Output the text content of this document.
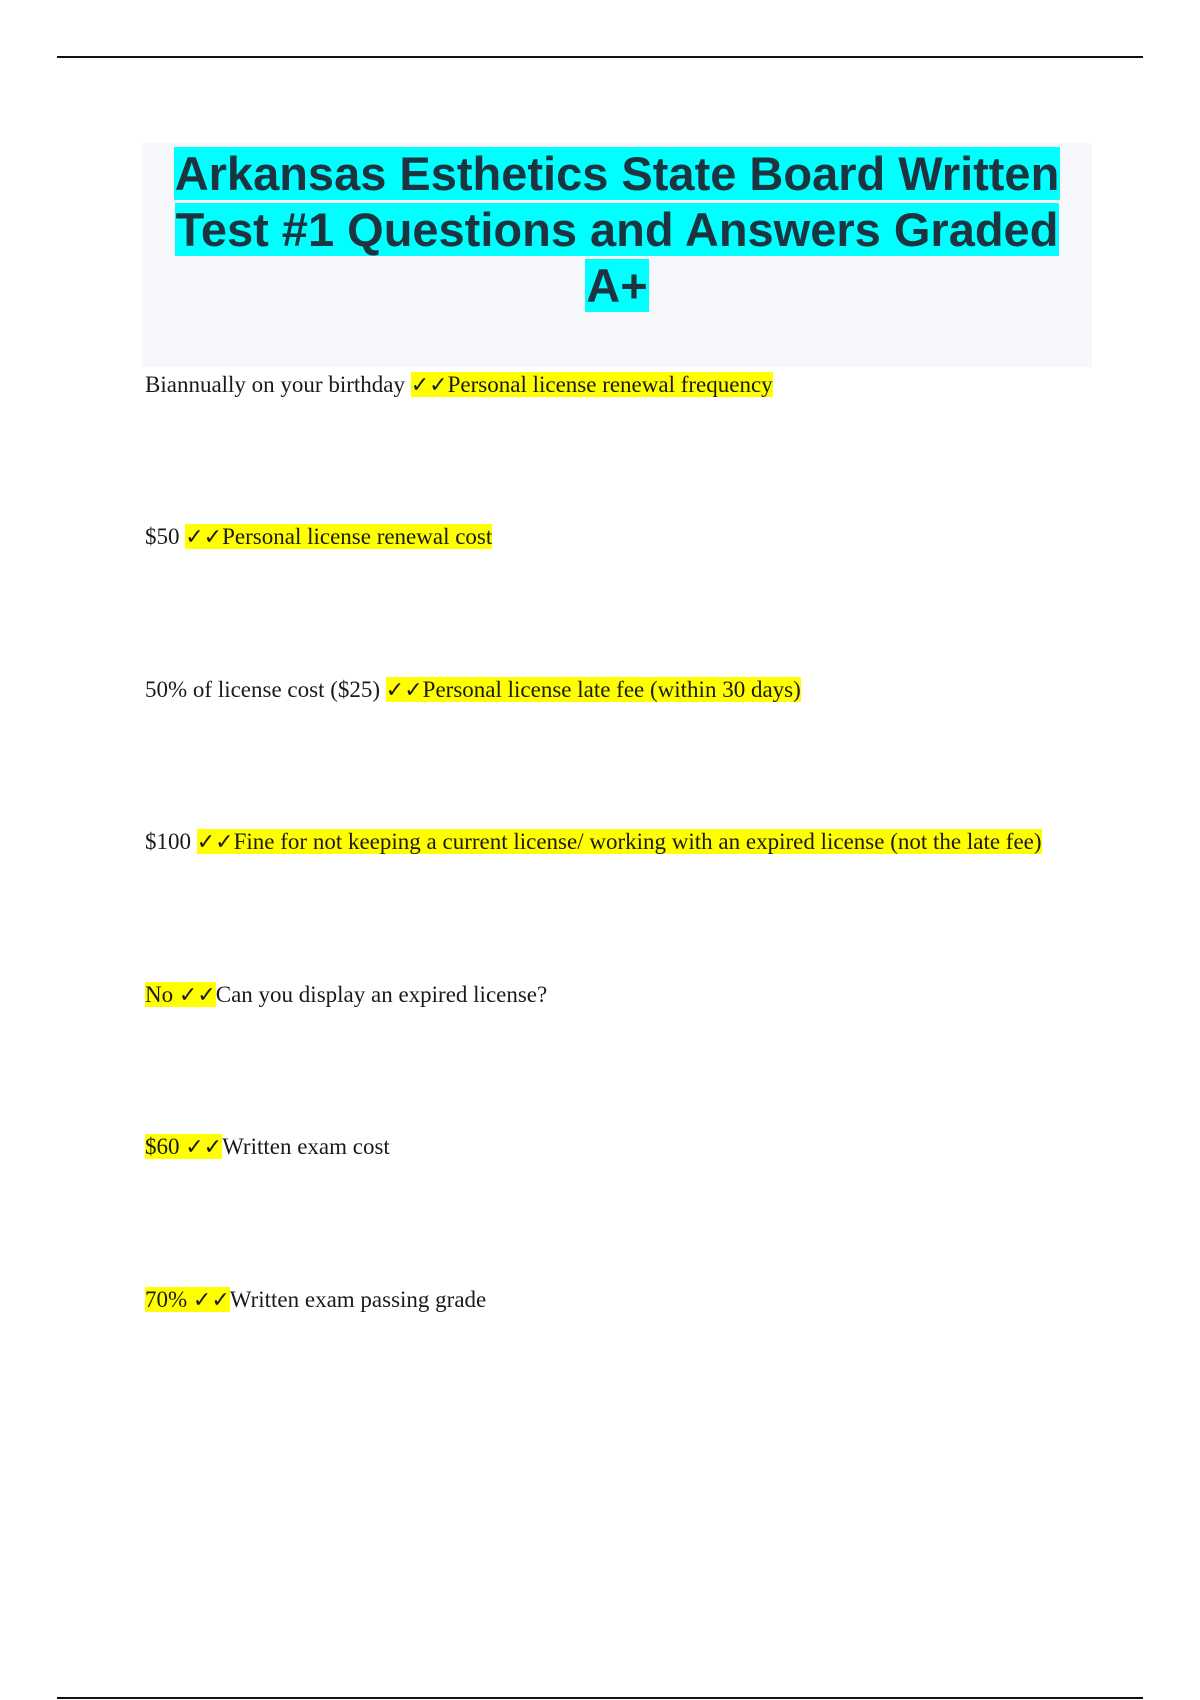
Arkansas Esthetics State Board Written Test #1 Questions and Answers Graded A+

Biannually on your birthday ✓✓Personal license renewal frequency

$50 ✓✓Personal license renewal cost

50% of license cost ($25) ✓✓Personal license late fee (within 30 days)

$100 ✓✓Fine for not keeping a current license/ working with an expired license (not the late fee)

No ✓✓Can you display an expired license?

$60 ✓✓Written exam cost

70% ✓✓Written exam passing grade
